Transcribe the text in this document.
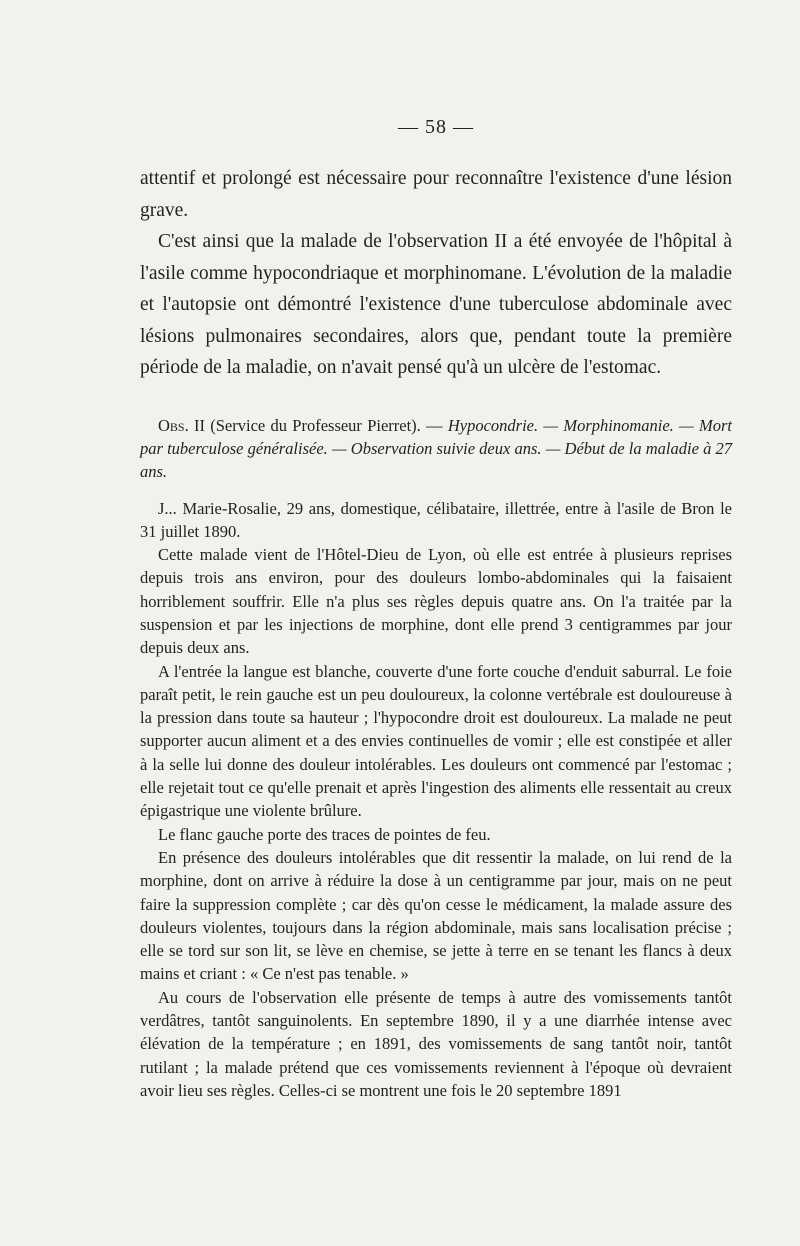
— 58 —

attentif et prolongé est nécessaire pour reconnaître l'existence d'une lésion grave.

C'est ainsi que la malade de l'observation II a été envoyée de l'hôpital à l'asile comme hypocondriaque et morphinomane. L'évolution de la maladie et l'autopsie ont démontré l'existence d'une tuberculose abdominale avec lésions pulmonaires secondaires, alors que, pendant toute la première période de la maladie, on n'avait pensé qu'à un ulcère de l'estomac.

Obs. II (Service du Professeur Pierret). — Hypocondrie. — Morphinomanie. — Mort par tuberculose généralisée. — Observation suivie deux ans. — Début de la maladie à 27 ans.

J... Marie-Rosalie, 29 ans, domestique, célibataire, illettrée, entre à l'asile de Bron le 31 juillet 1890.

Cette malade vient de l'Hôtel-Dieu de Lyon, où elle est entrée à plusieurs reprises depuis trois ans environ, pour des douleurs lombo-abdominales qui la faisaient horriblement souffrir. Elle n'a plus ses règles depuis quatre ans. On l'a traitée par la suspension et par les injections de morphine, dont elle prend 3 centigrammes par jour depuis deux ans.

A l'entrée la langue est blanche, couverte d'une forte couche d'enduit saburral. Le foie paraît petit, le rein gauche est un peu douloureux, la colonne vertébrale est douloureuse à la pression dans toute sa hauteur ; l'hypocondre droit est douloureux. La malade ne peut supporter aucun aliment et a des envies continuelles de vomir ; elle est constipée et aller à la selle lui donne des douleur intolérables. Les douleurs ont commencé par l'estomac ; elle rejetait tout ce qu'elle prenait et après l'ingestion des aliments elle ressentait au creux épigastrique une violente brûlure.

Le flanc gauche porte des traces de pointes de feu.

En présence des douleurs intolérables que dit ressentir la malade, on lui rend de la morphine, dont on arrive à réduire la dose à un centigramme par jour, mais on ne peut faire la suppression complète ; car dès qu'on cesse le médicament, la malade assure des douleurs violentes, toujours dans la région abdominale, mais sans localisation précise ; elle se tord sur son lit, se lève en chemise, se jette à terre en se tenant les flancs à deux mains et criant : « Ce n'est pas tenable. »

Au cours de l'observation elle présente de temps à autre des vomissements tantôt verdâtres, tantôt sanguinolents. En septembre 1890, il y a une diarrhée intense avec élévation de la température ; en 1891, des vomissements de sang tantôt noir, tantôt rutilant ; la malade prétend que ces vomissements reviennent à l'époque où devraient avoir lieu ses règles. Celles-ci se montrent une fois le 20 septembre 1891
